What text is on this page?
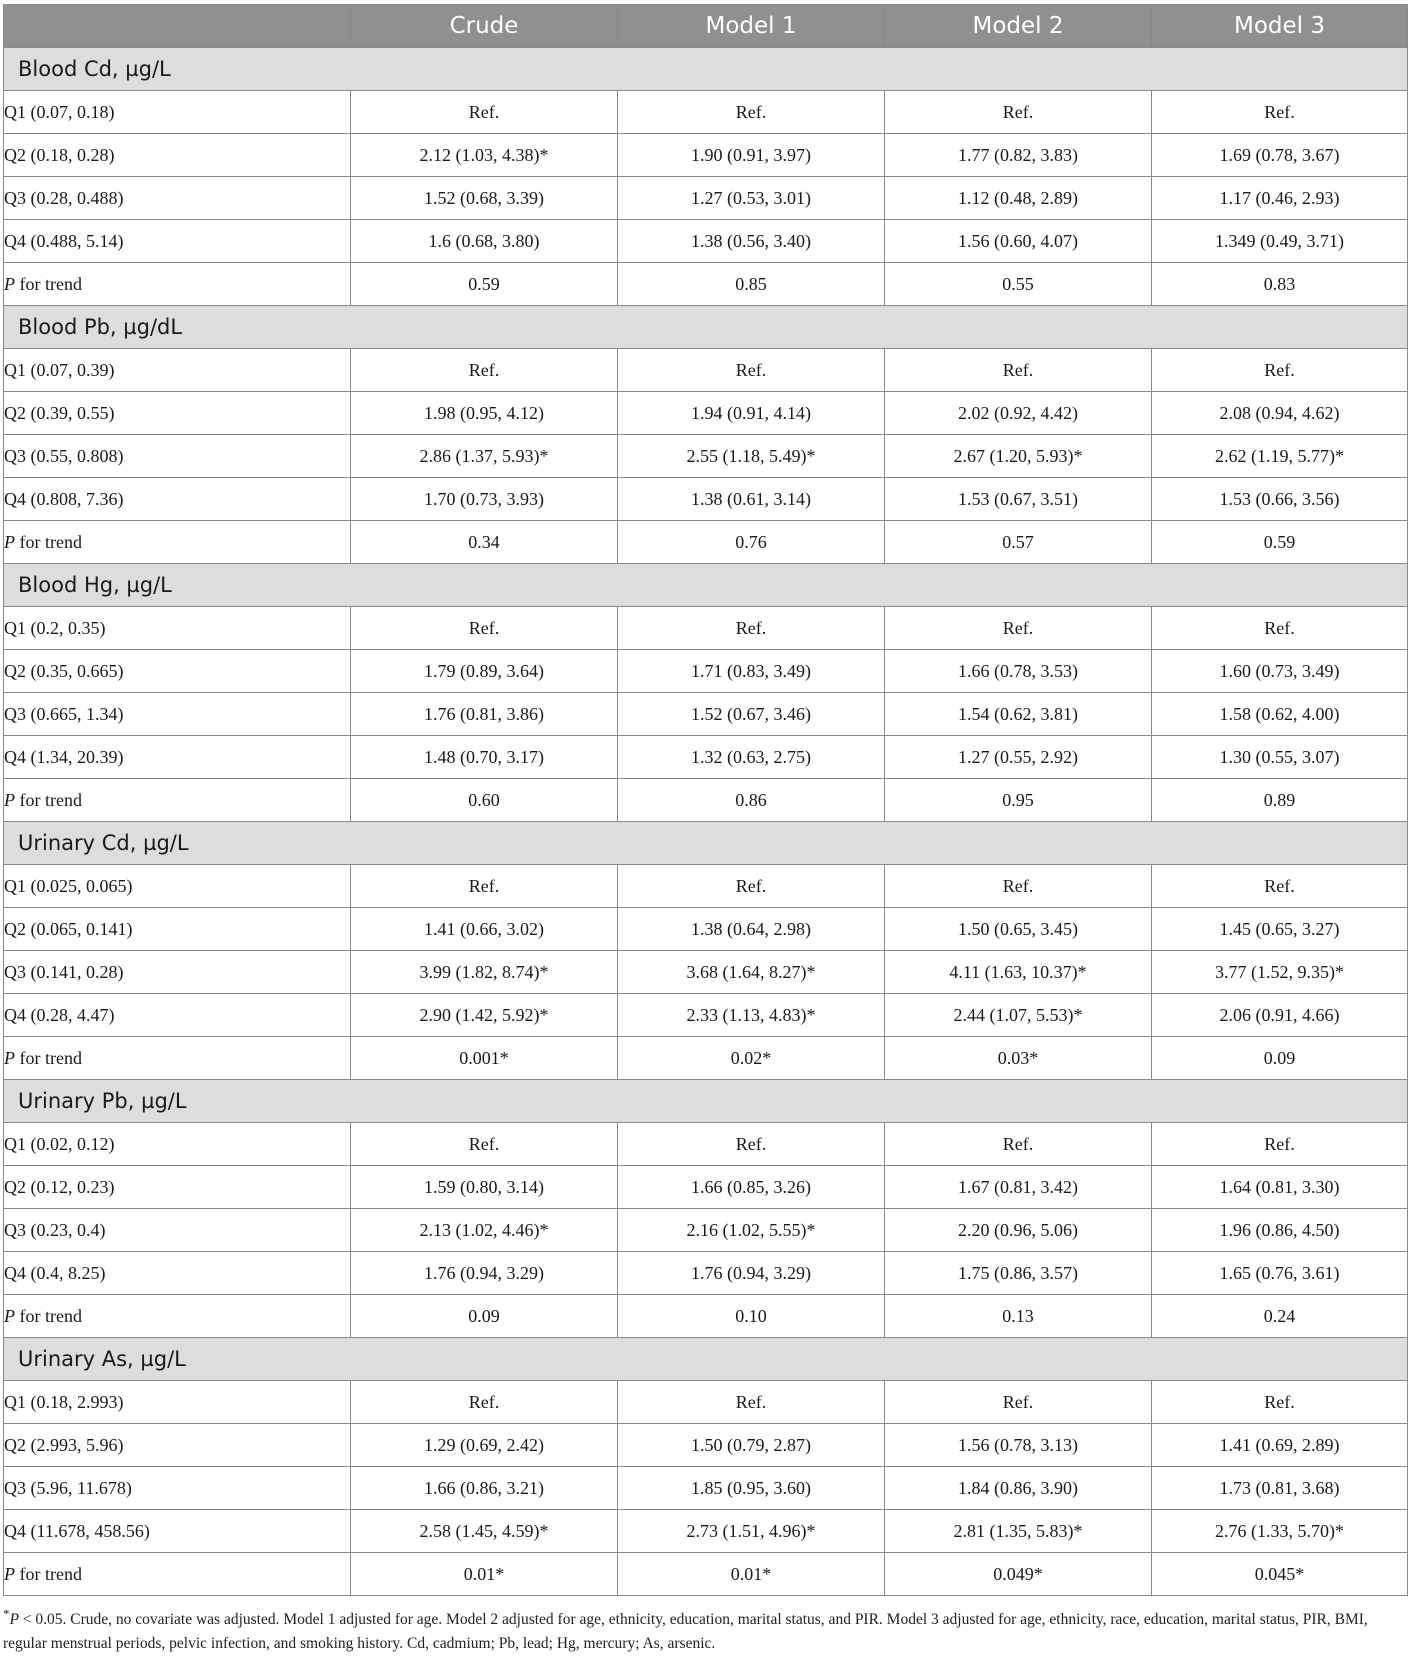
	Crude	Model 1	Model 2	Model 3
Blood Cd, µg/L				
Q1 (0.07, 0.18)	Ref.	Ref.	Ref.	Ref.
Q2 (0.18, 0.28)	2.12 (1.03, 4.38)*	1.90 (0.91, 3.97)	1.77 (0.82, 3.83)	1.69 (0.78, 3.67)
Q3 (0.28, 0.488)	1.52 (0.68, 3.39)	1.27 (0.53, 3.01)	1.12 (0.48, 2.89)	1.17 (0.46, 2.93)
Q4 (0.488, 5.14)	1.6 (0.68, 3.80)	1.38 (0.56, 3.40)	1.56 (0.60, 4.07)	1.349 (0.49, 3.71)
P for trend	0.59	0.85	0.55	0.83
Blood Pb, µg/dL				
Q1 (0.07, 0.39)	Ref.	Ref.	Ref.	Ref.
Q2 (0.39, 0.55)	1.98 (0.95, 4.12)	1.94 (0.91, 4.14)	2.02 (0.92, 4.42)	2.08 (0.94, 4.62)
Q3 (0.55, 0.808)	2.86 (1.37, 5.93)*	2.55 (1.18, 5.49)*	2.67 (1.20, 5.93)*	2.62 (1.19, 5.77)*
Q4 (0.808, 7.36)	1.70 (0.73, 3.93)	1.38 (0.61, 3.14)	1.53 (0.67, 3.51)	1.53 (0.66, 3.56)
P for trend	0.34	0.76	0.57	0.59
Blood Hg, µg/L				
Q1 (0.2, 0.35)	Ref.	Ref.	Ref.	Ref.
Q2 (0.35, 0.665)	1.79 (0.89, 3.64)	1.71 (0.83, 3.49)	1.66 (0.78, 3.53)	1.60 (0.73, 3.49)
Q3 (0.665, 1.34)	1.76 (0.81, 3.86)	1.52 (0.67, 3.46)	1.54 (0.62, 3.81)	1.58 (0.62, 4.00)
Q4 (1.34, 20.39)	1.48 (0.70, 3.17)	1.32 (0.63, 2.75)	1.27 (0.55, 2.92)	1.30 (0.55, 3.07)
P for trend	0.60	0.86	0.95	0.89
Urinary Cd, µg/L				
Q1 (0.025, 0.065)	Ref.	Ref.	Ref.	Ref.
Q2 (0.065, 0.141)	1.41 (0.66, 3.02)	1.38 (0.64, 2.98)	1.50 (0.65, 3.45)	1.45 (0.65, 3.27)
Q3 (0.141, 0.28)	3.99 (1.82, 8.74)*	3.68 (1.64, 8.27)*	4.11 (1.63, 10.37)*	3.77 (1.52, 9.35)*
Q4 (0.28, 4.47)	2.90 (1.42, 5.92)*	2.33 (1.13, 4.83)*	2.44 (1.07, 5.53)*	2.06 (0.91, 4.66)
P for trend	0.001*	0.02*	0.03*	0.09
Urinary Pb, µg/L				
Q1 (0.02, 0.12)	Ref.	Ref.	Ref.	Ref.
Q2 (0.12, 0.23)	1.59 (0.80, 3.14)	1.66 (0.85, 3.26)	1.67 (0.81, 3.42)	1.64 (0.81, 3.30)
Q3 (0.23, 0.4)	2.13 (1.02, 4.46)*	2.16 (1.02, 5.55)*	2.20 (0.96, 5.06)	1.96 (0.86, 4.50)
Q4 (0.4, 8.25)	1.76 (0.94, 3.29)	1.76 (0.94, 3.29)	1.75 (0.86, 3.57)	1.65 (0.76, 3.61)
P for trend	0.09	0.10	0.13	0.24
Urinary As, µg/L				
Q1 (0.18, 2.993)	Ref.	Ref.	Ref.	Ref.
Q2 (2.993, 5.96)	1.29 (0.69, 2.42)	1.50 (0.79, 2.87)	1.56 (0.78, 3.13)	1.41 (0.69, 2.89)
Q3 (5.96, 11.678)	1.66 (0.86, 3.21)	1.85 (0.95, 3.60)	1.84 (0.86, 3.90)	1.73 (0.81, 3.68)
Q4 (11.678, 458.56)	2.58 (1.45, 4.59)*	2.73 (1.51, 4.96)*	2.81 (1.35, 5.83)*	2.76 (1.33, 5.70)*
P for trend	0.01*	0.01*	0.049*	0.045*
*P < 0.05. Crude, no covariate was adjusted. Model 1 adjusted for age. Model 2 adjusted for age, ethnicity, education, marital status, and PIR. Model 3 adjusted for age, ethnicity, race, education, marital status, PIR, BMI, regular menstrual periods, pelvic infection, and smoking history. Cd, cadmium; Pb, lead; Hg, mercury; As, arsenic.
